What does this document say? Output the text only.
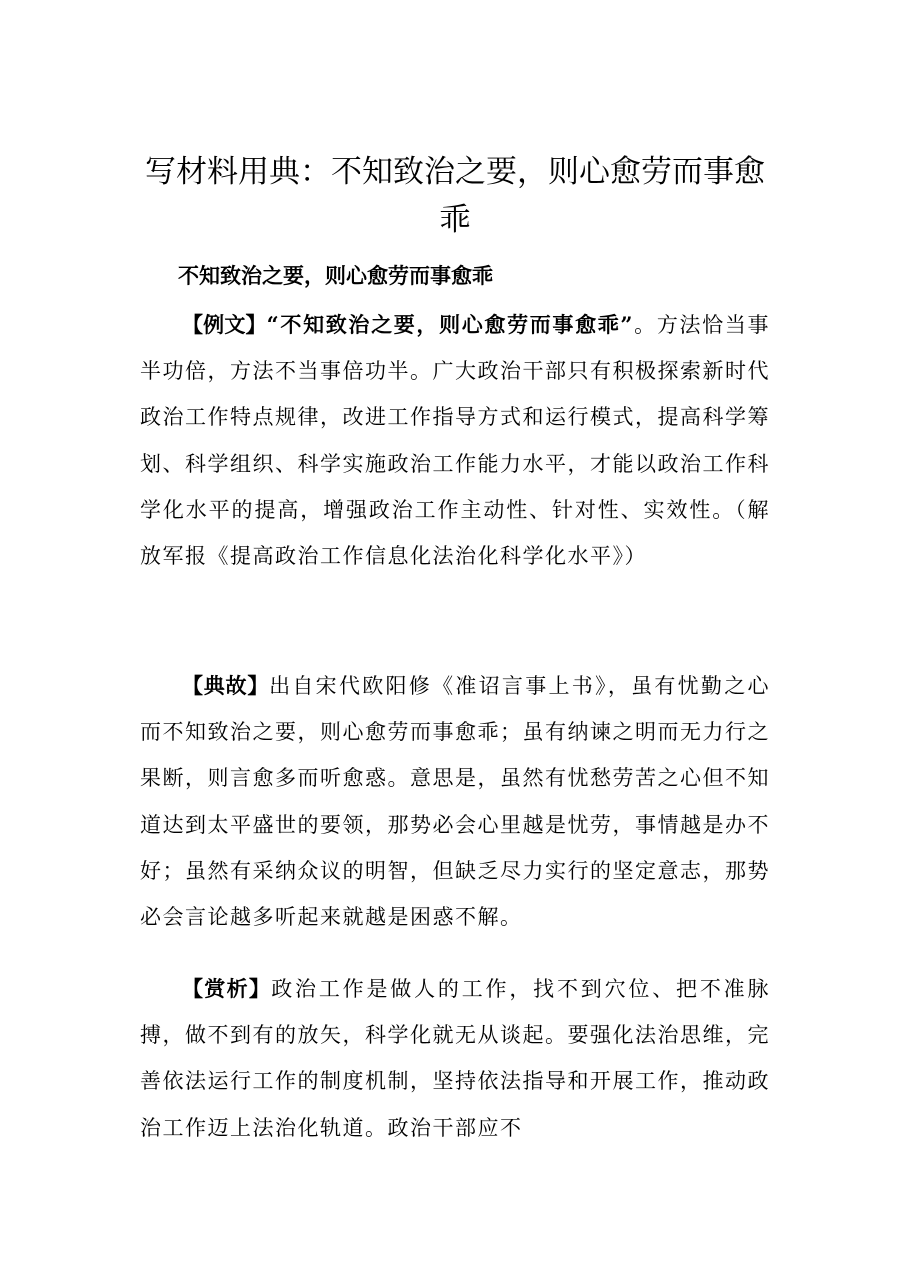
写材料用典：不知致治之要，则心愈劳而事愈乖

不知致治之要，则心愈劳而事愈乖

【例文】“不知致治之要，则心愈劳而事愈乖”。方法恰当事半功倍，方法不当事倍功半。广大政治干部只有积极探索新时代政治工作特点规律，改进工作指导方式和运行模式，提高科学筹划、科学组织、科学实施政治工作能力水平，才能以政治工作科学化水平的提高，增强政治工作主动性、针对性、实效性。（解放军报《提高政治工作信息化法治化科学化水平》）

【典故】出自宋代欧阳修《准诏言事上书》，虽有忧勤之心而不知致治之要，则心愈劳而事愈乖；虽有纳谏之明而无力行之果断，则言愈多而听愈惑。意思是，虽然有忧愁劳苦之心但不知道达到太平盛世的要领，那势必会心里越是忧劳，事情越是办不好；虽然有采纳众议的明智，但缺乏尽力实行的坚定意志，那势必会言论越多听起来就越是困惑不解。

【赏析】政治工作是做人的工作，找不到穴位、把不准脉搏，做不到有的放矢，科学化就无从谈起。要强化法治思维，完善依法运行工作的制度机制，坚持依法指导和开展工作，推动政治工作迈上法治化轨道。政治干部应不
